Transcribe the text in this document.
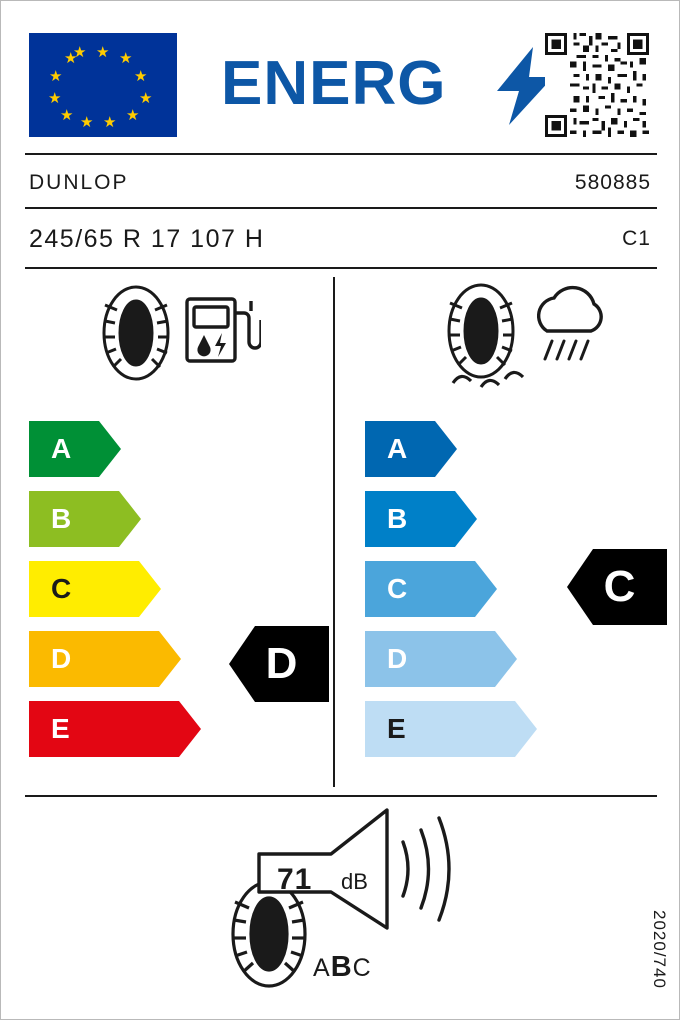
★ ★
★
★
★
★
★
★
★
★
★
★ ENERG
DUNLOP	580885
245/65 R 17 107 H	C1
A
B
C
D
E
A
B
C
D
E
D
C
71 dB
ABC	2020/740
